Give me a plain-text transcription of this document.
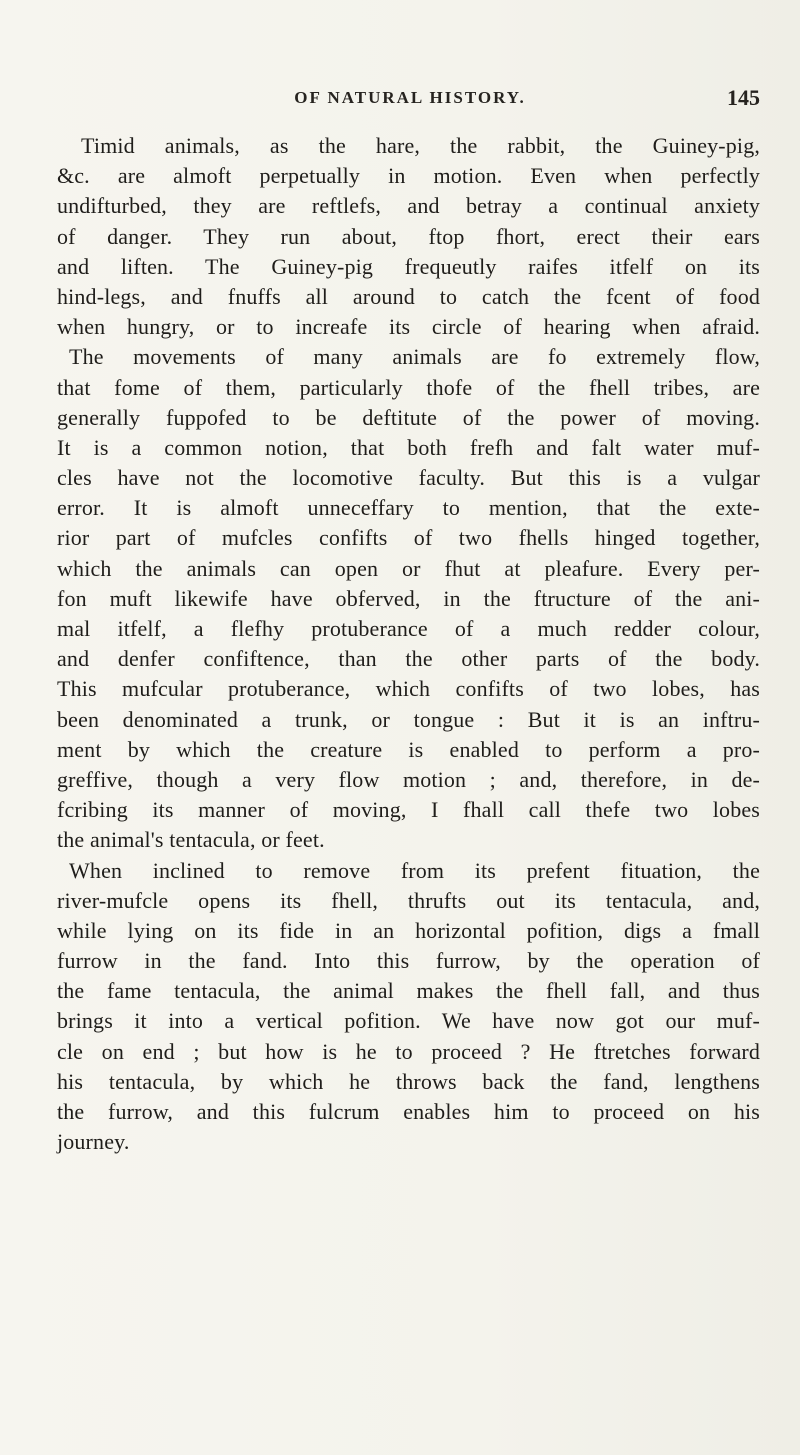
OF NATURAL HISTORY.	145
Timid animals, as the hare, the rabbit, the Guiney-pig,
&c. are almoft perpetually in motion. Even when perfectly
undifturbed, they are reftlefs, and betray a continual anxiety
of danger. They run about, ftop fhort, erect their ears
and liften. The Guiney-pig frequeutly raifes itfelf on its
hind-legs, and fnuffs all around to catch the fcent of food
when hungry, or to increafe its circle of hearing when afraid.
The movements of many animals are fo extremely flow,
that fome of them, particularly thofe of the fhell tribes, are
generally fuppofed to be deftitute of the power of moving.
It is a common notion, that both frefh and falt water muf-
cles have not the locomotive faculty. But this is a vulgar
error. It is almoft unneceffary to mention, that the exte-
rior part of mufcles confifts of two fhells hinged together,
which the animals can open or fhut at pleafure. Every per-
fon muft likewife have obferved, in the ftructure of the ani-
mal itfelf, a flefhy protuberance of a much redder colour,
and denfer confiftence, than the other parts of the body.
This mufcular protuberance, which confifts of two lobes, has
been denominated a trunk, or tongue : But it is an inftru-
ment by which the creature is enabled to perform a pro-
greffive, though a very flow motion ; and, therefore, in de-
fcribing its manner of moving, I fhall call thefe two lobes
the animal's tentacula, or feet.
When inclined to remove from its prefent fituation, the
river-mufcle opens its fhell, thrufts out its tentacula, and,
while lying on its fide in an horizontal pofition, digs a fmall
furrow in the fand. Into this furrow, by the operation of
the fame tentacula, the animal makes the fhell fall, and thus
brings it into a vertical pofition. We have now got our muf-
cle on end ; but how is he to proceed ? He ftretches forward
his tentacula, by which he throws back the fand, lengthens
the furrow, and this fulcrum enables him to proceed on his
journey.
